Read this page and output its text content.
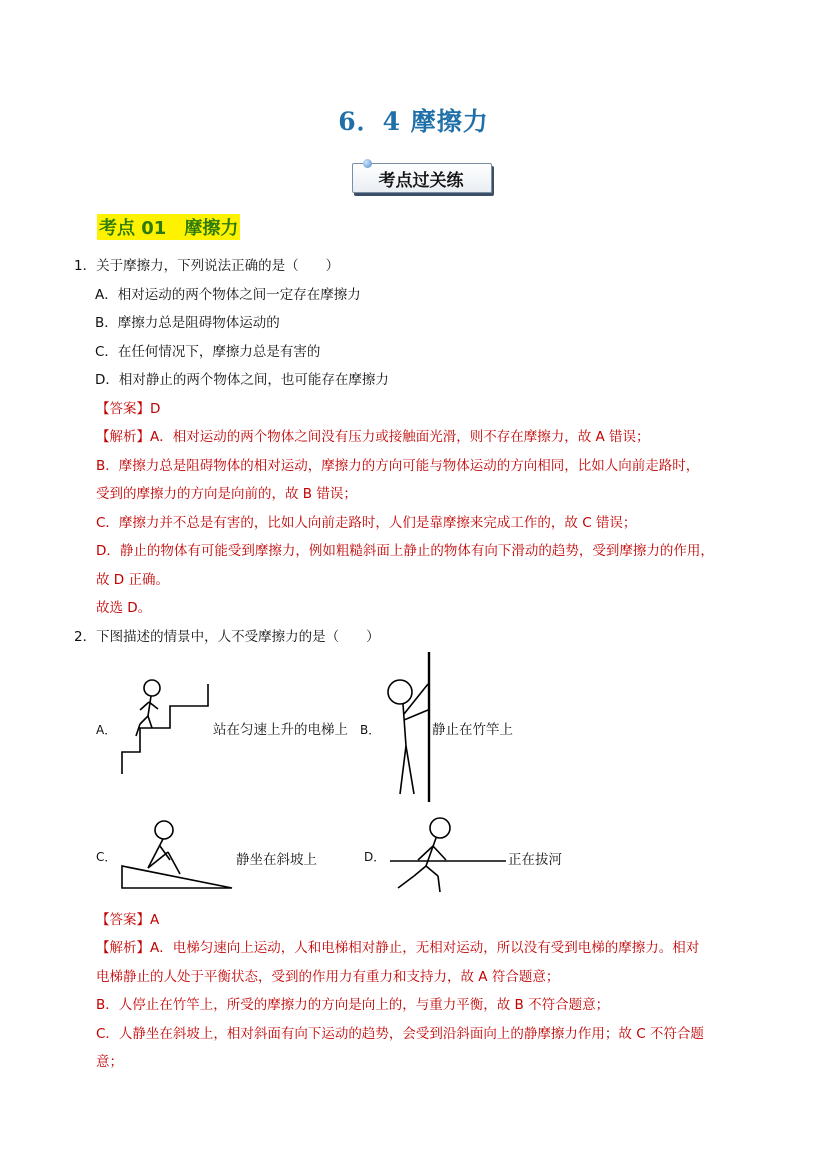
6．4 摩擦力
考点过关练
考点 01　摩擦力
1．关于摩擦力，下列说法正确的是（　　）
A．相对运动的两个物体之间一定存在摩擦力
B．摩擦力总是阻碍物体运动的
C．在任何情况下，摩擦力总是有害的
D．相对静止的两个物体之间，也可能存在摩擦力
【答案】D
【解析】A．相对运动的两个物体之间没有压力或接触面光滑，则不存在摩擦力，故 A 错误；
B．摩擦力总是阻碍物体的相对运动，摩擦力的方向可能与物体运动的方向相同，比如人向前走路时，
受到的摩擦力的方向是向前的，故 B 错误；
C．摩擦力并不总是有害的，比如人向前走路时，人们是靠摩擦来完成工作的，故 C 错误；
D．静止的物体有可能受到摩擦力，例如粗糙斜面上静止的物体有向下滑动的趋势，受到摩擦力的作用，
故 D 正确。
故选 D。
2．下图描述的情景中，人不受摩擦力的是（　　）
A．	站在匀速上升的电梯上 B．	静止在竹竿上
C．	静坐在斜坡上	D．	正在拔河
【答案】A
【解析】A．电梯匀速向上运动，人和电梯相对静止，无相对运动，所以没有受到电梯的摩擦力。相对
电梯静止的人处于平衡状态，受到的作用力有重力和支持力，故 A 符合题意；
B．人停止在竹竿上，所受的摩擦力的方向是向上的，与重力平衡，故 B 不符合题意；
C．人静坐在斜坡上，相对斜面有向下运动的趋势，会受到沿斜面向上的静摩擦力作用；故 C 不符合题
意；
